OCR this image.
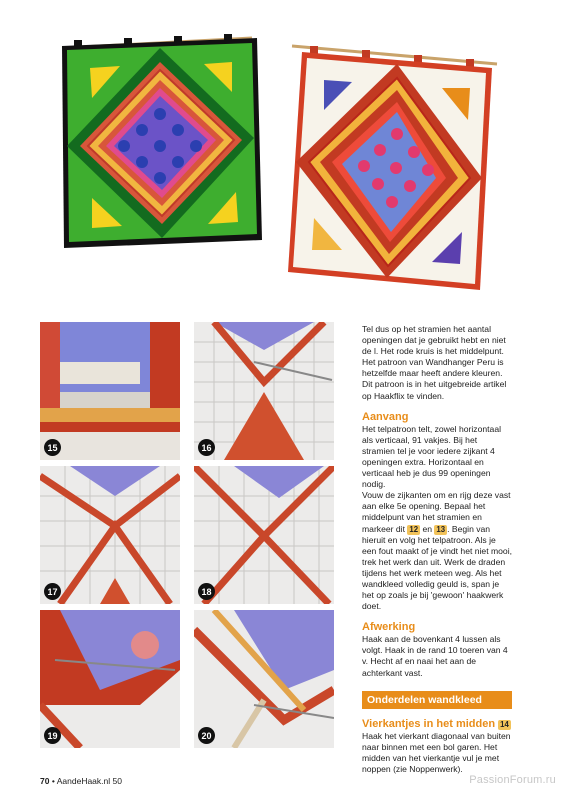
15	16
17	18
19	20

Tel dus op het stramien het aantal openingen dat je gebruikt hebt en niet de l. Het rode kruis is het middelpunt. Het patroon van Wandhanger Peru is hetzelfde maar heeft andere kleuren. Dit patroon is in het uitgebreide artikel op Haakflix te vinden.

Aanvang

Het telpatroon telt, zowel horizontaal als verticaal, 91 vakjes. Bij het stramien tel je voor iedere zijkant 4 openingen extra. Horizontaal en verticaal heb je dus 99 openingen nodig.

Vouw de zijkanten om en rijg deze vast aan elke 5e opening. Bepaal het middelpunt van het stramien en markeer dit 12 en 13 . Begin van hieruit en volg het telpatroon. Als je een fout maakt of je vindt het niet mooi, trek het werk dan uit. Werk de draden tijdens het werk meteen weg. Als het wandkleed volledig geuld is, span je het op zoals je bij 'gewoon' haakwerk doet.

Afwerking

Haak aan de bovenkant 4 lussen als volgt. Haak in de rand 10 toeren van 4 v. Hecht af en naai het aan de achterkant vast.

Onderdelen wandkleed
Vierkantjes in het midden 14

Haak het vierkant diagonaal van buiten naar binnen met een bol garen. Het midden van het vierkantje vul je met noppen (zie Noppenwerk).

70 • AandeHaak.nl 50	PassionForum.ru
